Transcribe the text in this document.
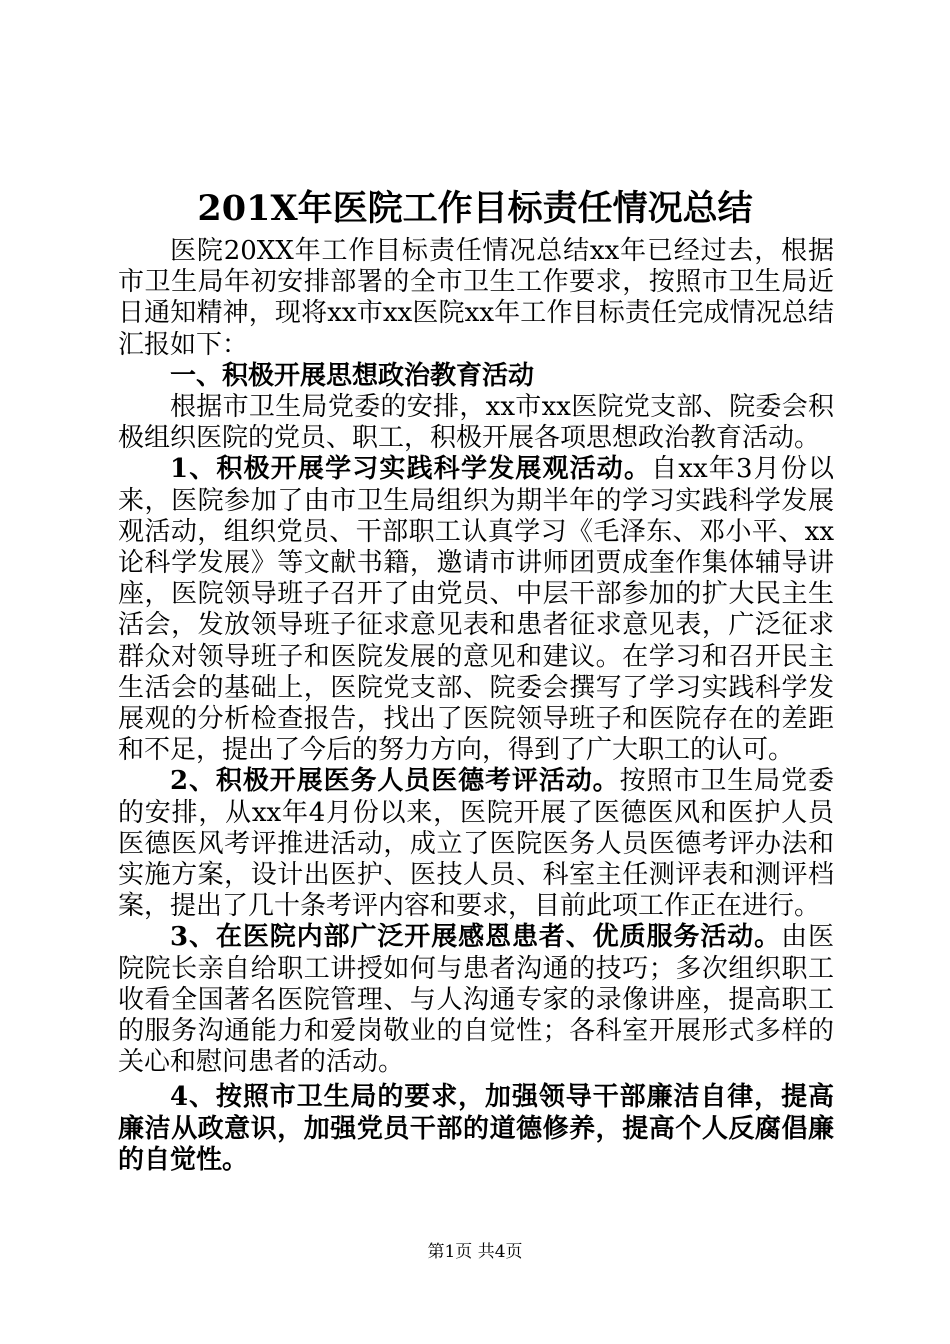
201X年医院工作目标责任情况总结

医院20XX年工作目标责任情况总结xx年已经过去，根据市卫生局年初安排部署的全市卫生工作要求，按照市卫生局近日通知精神，现将xx市xx医院xx年工作目标责任完成情况总结汇报如下：

一、积极开展思想政治教育活动

根据市卫生局党委的安排，xx市xx医院党支部、院委会积极组织医院的党员、职工，积极开展各项思想政治教育活动。

1、积极开展学习实践科学发展观活动。自xx年3月份以来，医院参加了由市卫生局组织为期半年的学习实践科学发展观活动，组织党员、干部职工认真学习《毛泽东、邓小平、xx论科学发展》等文献书籍，邀请市讲师团贾成奎作集体辅导讲座，医院领导班子召开了由党员、中层干部参加的扩大民主生活会，发放领导班子征求意见表和患者征求意见表，广泛征求群众对领导班子和医院发展的意见和建议。在学习和召开民主生活会的基础上，医院党支部、院委会撰写了学习实践科学发展观的分析检查报告，找出了医院领导班子和医院存在的差距和不足，提出了今后的努力方向，得到了广大职工的认可。

2、积极开展医务人员医德考评活动。按照市卫生局党委的安排，从xx年4月份以来，医院开展了医德医风和医护人员医德医风考评推进活动，成立了医院医务人员医德考评办法和实施方案，设计出医护、医技人员、科室主任测评表和测评档案，提出了几十条考评内容和要求，目前此项工作正在进行。

3、在医院内部广泛开展感恩患者、优质服务活动。由医院院长亲自给职工讲授如何与患者沟通的技巧；多次组织职工收看全国著名医院管理、与人沟通专家的录像讲座，提高职工的服务沟通能力和爱岗敬业的自觉性；各科室开展形式多样的关心和慰问患者的活动。

4、按照市卫生局的要求，加强领导干部廉洁自律，提高廉洁从政意识，加强党员干部的道德修养，提高个人反腐倡廉的自觉性。

第1页 共4页
